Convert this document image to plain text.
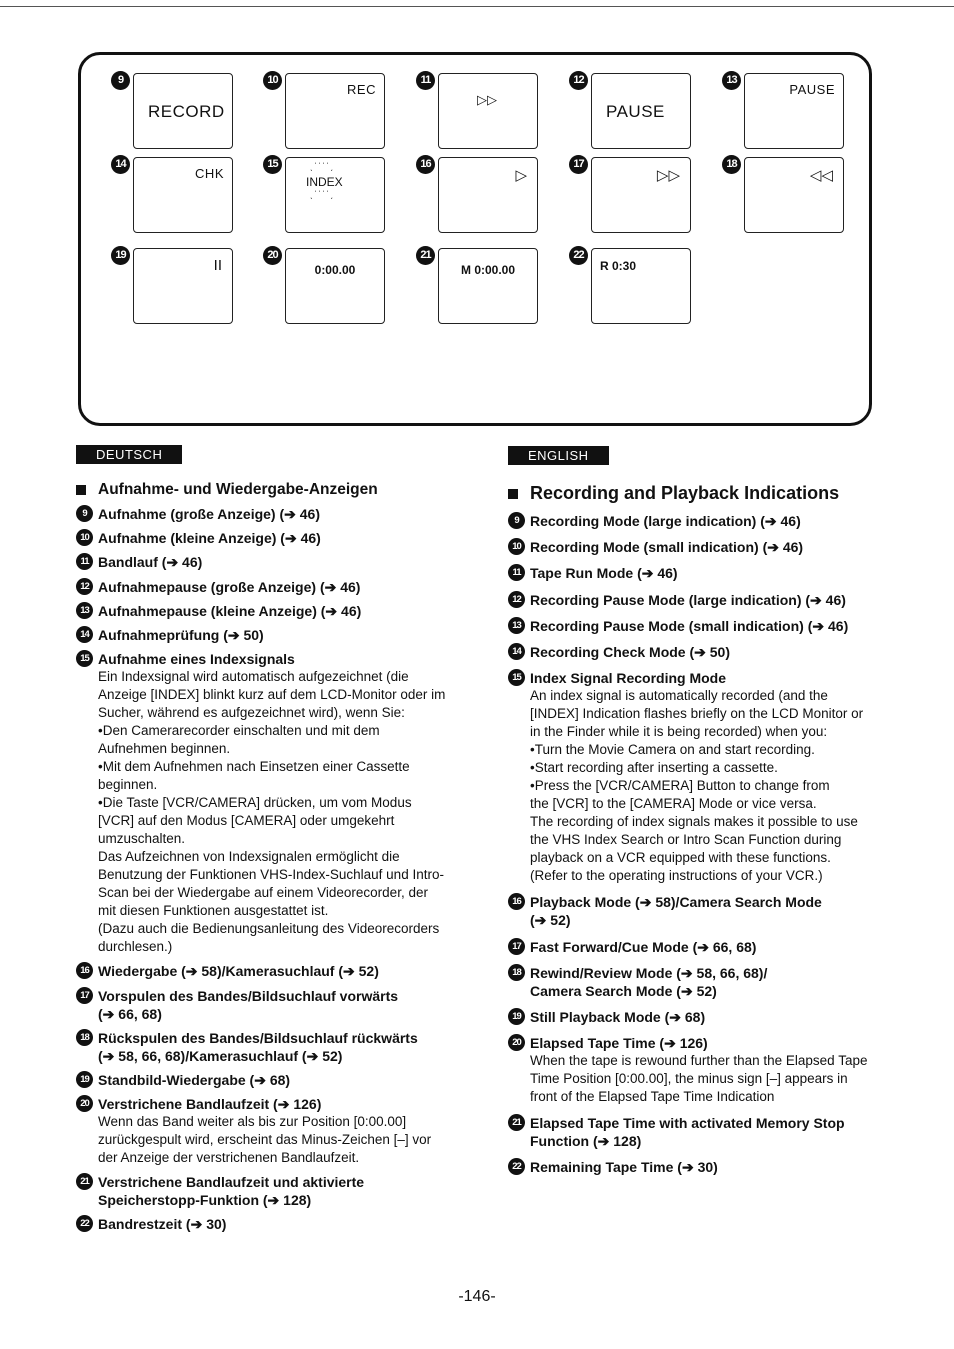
9
RECORD
10
REC
11
▷▷
12
PAUSE
13
PAUSE
14
CHK
15	ˎˈˈˈˈˏ
ˎˈˈˈˈˏ
INDEX
16
▷
17
▷▷
18
◁◁
19
II
20
0:00.00
21
M 0:00.00
22
R 0:30
DEUTSCH	ENGLISH
Aufnahme- und Wiedergabe-Anzeigen
9 Aufnahme (große Anzeige) (➔ 46)
10 Aufnahme (kleine Anzeige) (➔ 46)
11 Bandlauf (➔ 46)
12 Aufnahmepause (große Anzeige) (➔ 46)
13 Aufnahmepause (kleine Anzeige) (➔ 46)
14 Aufnahmeprüfung (➔ 50)
15 Aufnahme eines Indexsignals
Ein Indexsignal wird automatisch aufgezeichnet (die Anzeige [INDEX] blinkt kurz auf dem LCD-Monitor oder im Sucher, während es aufgezeichnet wird), wenn Sie:
•Den Camerarecorder einschalten und mit dem
Aufnehmen beginnen.
•Mit dem Aufnehmen nach Einsetzen einer Cassette
beginnen.
•Die Taste [VCR/CAMERA] drücken, um vom Modus
[VCR] auf den Modus [CAMERA] oder umgekehrt
umzuschalten.
Das Aufzeichnen von Indexsignalen ermöglicht die Benutzung der Funktionen VHS-Index-Suchlauf und Intro-Scan bei der Wiedergabe auf einem Videorecorder, der mit diesen Funktionen ausgestattet ist.
(Dazu auch die Bedienungsanleitung des Videorecorders durchlesen.)
16 Wiedergabe (➔ 58)/Kamerasuchlauf (➔ 52)
17 Vorspulen des Bandes/Bildsuchlauf vorwärts
(➔ 66, 68)
18 Rückspulen des Bandes/Bildsuchlauf rückwärts
(➔ 58, 66, 68)/Kamerasuchlauf (➔ 52)
19 Standbild-Wiedergabe (➔ 68)
20 Verstrichene Bandlaufzeit (➔ 126)
Wenn das Band weiter als bis zur Position [0:00.00] zurückgespult wird, erscheint das Minus-Zeichen [–] vor der Anzeige der verstrichenen Bandlaufzeit.
21 Verstrichene Bandlaufzeit und aktivierte
Speicherstopp-Funktion (➔ 128)
22 Bandrestzeit (➔ 30)
Recording and Playback Indications
9 Recording Mode (large indication) (➔ 46)
10 Recording Mode (small indication) (➔ 46)
11 Tape Run Mode (➔ 46)
12 Recording Pause Mode (large indication) (➔ 46)
13 Recording Pause Mode (small indication) (➔ 46)
14 Recording Check Mode (➔ 50)
15 Index Signal Recording Mode
An index signal is automatically recorded (and the [INDEX] Indication flashes briefly on the LCD Monitor or in the Finder while it is being recorded) when you:
•Turn the Movie Camera on and start recording.
•Start recording after inserting a cassette.
•Press the [VCR/CAMERA] Button to change from
the [VCR] to the [CAMERA] Mode or vice versa.
The recording of index signals makes it possible to use the VHS Index Search or Intro Scan Function during playback on a VCR equipped with these functions.
(Refer to the operating instructions of your VCR.)
16 Playback Mode (➔ 58)/Camera Search Mode
(➔ 52)
17 Fast Forward/Cue Mode (➔ 66, 68)
18 Rewind/Review Mode (➔ 58, 66, 68)/
Camera Search Mode (➔ 52)
19 Still Playback Mode (➔ 68)
20 Elapsed Tape Time (➔ 126)
When the tape is rewound further than the Elapsed Tape Time Position [0:00.00], the minus sign [–] appears in front of the Elapsed Tape Time Indication
21 Elapsed Tape Time with activated Memory Stop
Function (➔ 128)
22 Remaining Tape Time (➔ 30)
-146-
